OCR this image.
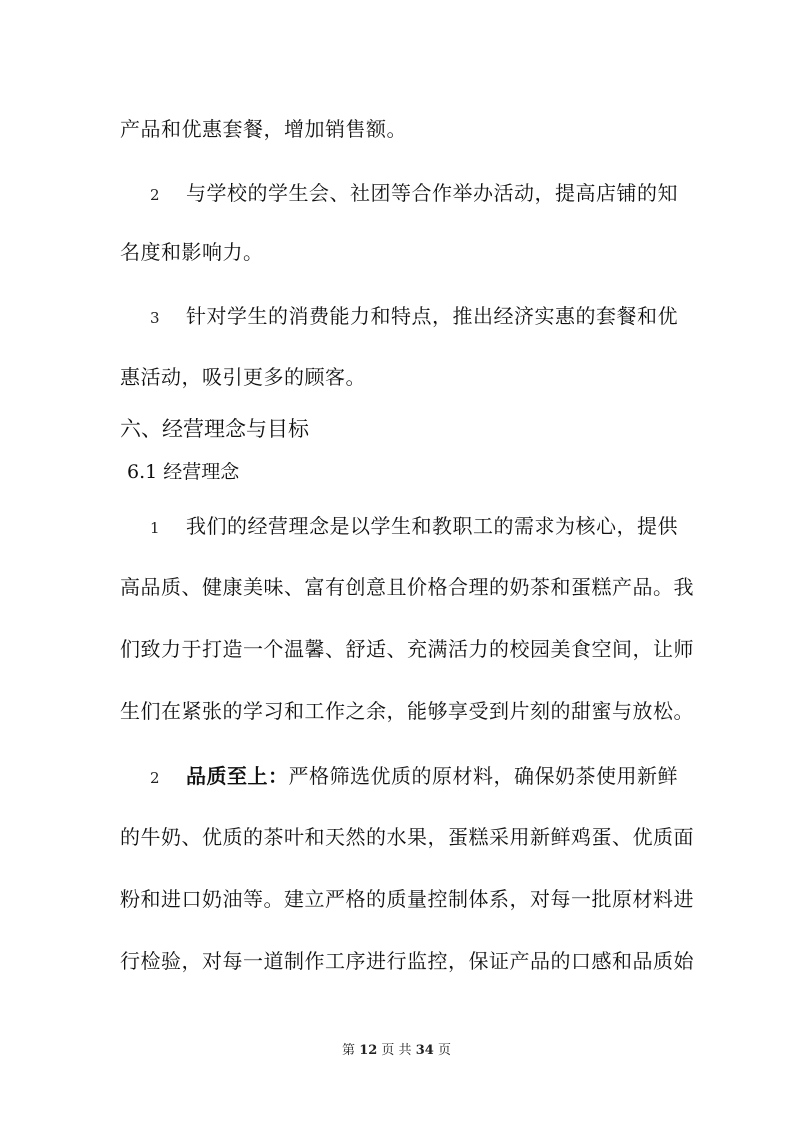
产品和优惠套餐，增加销售额。
2 与学校的学生会、社团等合作举办活动，提高店铺的知
名度和影响力。
3 针对学生的消费能力和特点，推出经济实惠的套餐和优
惠活动，吸引更多的顾客。
六、经营理念与目标
6.1 经营理念
1 我们的经营理念是以学生和教职工的需求为核心，提供
高品质、健康美味、富有创意且价格合理的奶茶和蛋糕产品。我
们致力于打造一个温馨、舒适、充满活力的校园美食空间，让师
生们在紧张的学习和工作之余，能够享受到片刻的甜蜜与放松。
2 品质至上：严格筛选优质的原材料，确保奶茶使用新鲜
的牛奶、优质的茶叶和天然的水果，蛋糕采用新鲜鸡蛋、优质面
粉和进口奶油等。建立严格的质量控制体系，对每一批原材料进
行检验，对每一道制作工序进行监控，保证产品的口感和品质始
第 12 页 共 34 页
